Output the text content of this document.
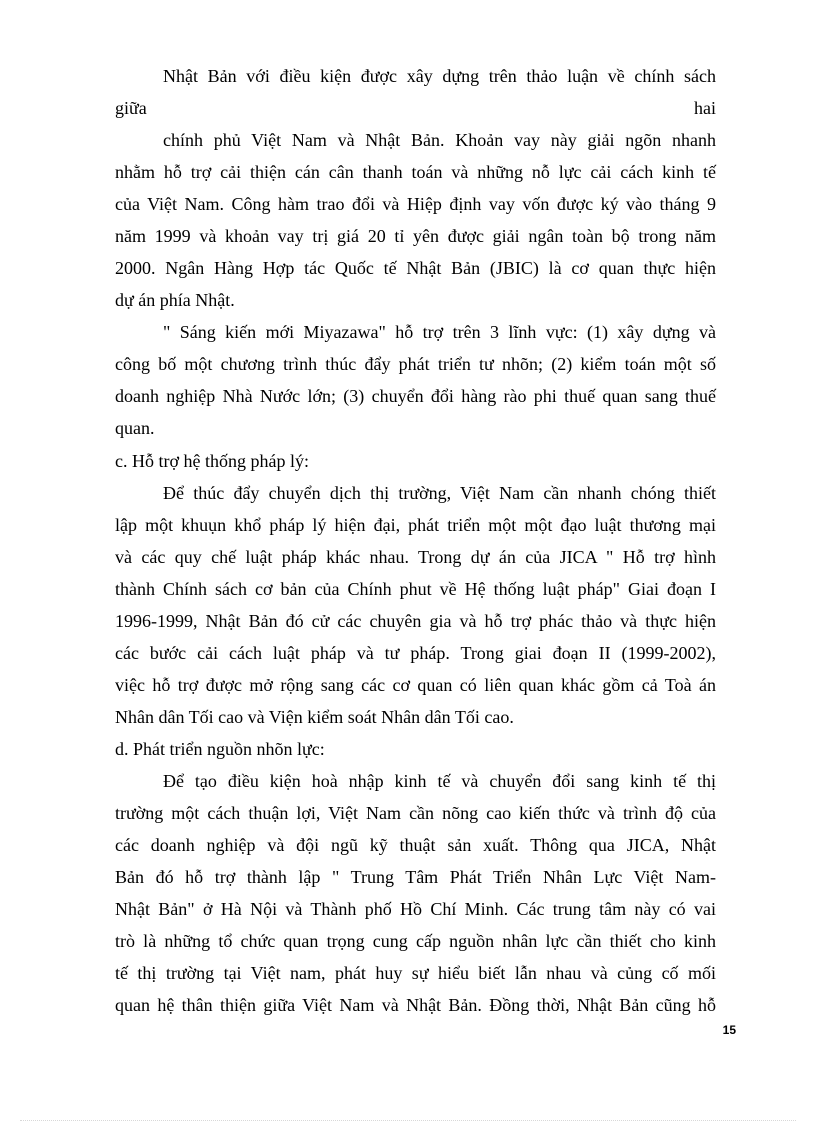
Nhật Bản với điều kiện được xây dựng trên thảo luận về chính sách
giữa	hai
chính phủ Việt Nam và Nhật Bản. Khoản vay này giải ngõn nhanh
nhằm hỗ trợ cải thiện cán cân thanh toán và những nỗ lực cải cách kinh tế
của Việt Nam. Công hàm trao đổi và Hiệp định vay vốn được ký vào tháng 9
năm 1999 và khoản vay trị giá 20 tỉ yên được giải ngân toàn bộ trong năm
2000. Ngân Hàng Hợp tác Quốc tế Nhật Bản (JBIC) là cơ quan thực hiện
dự án phía Nhật.
" Sáng kiến mới Miyazawa" hỗ trợ trên 3 lĩnh vực: (1) xây dựng và
công bố một chương trình thúc đẩy phát triển tư nhõn; (2) kiểm toán một số
doanh nghiệp Nhà Nước lớn; (3) chuyển đổi hàng rào phi thuế quan sang thuế
quan.
c. Hỗ trợ hệ thống pháp lý:
Để thúc đẩy chuyển dịch thị trường, Việt Nam cần nhanh chóng thiết
lập một khuụn khổ pháp lý hiện đại, phát triển một một đạo luật thương mại
và các quy chế luật pháp khác nhau. Trong dự án của JICA " Hỗ trợ hình
thành Chính sách cơ bản của Chính phut về Hệ thống luật pháp" Giai đoạn I
1996-1999, Nhật Bản đó cử các chuyên gia và hỗ trợ phác thảo và thực hiện
các bước cải cách luật pháp và tư pháp. Trong giai đoạn II (1999-2002),
việc hỗ trợ được mở rộng sang các cơ quan có liên quan khác gồm cả Toà án
Nhân dân Tối cao và Viện kiểm soát Nhân dân Tối cao.
d. Phát triển nguồn nhõn lực:
Để tạo điều kiện hoà nhập kinh tế và chuyển đổi sang kinh tế thị
trường một cách thuận lợi, Việt Nam cần nõng cao kiến thức và trình độ của
các doanh nghiệp và đội ngũ kỹ thuật sản xuất. Thông qua JICA, Nhật
Bản đó hỗ trợ thành lập " Trung Tâm Phát Triển Nhân Lực Việt Nam-
Nhật Bản" ở Hà Nội và Thành phố Hồ Chí Minh. Các trung tâm này có vai
trò là những tổ chức quan trọng cung cấp nguồn nhân lực cần thiết cho kinh
tế thị trường tại Việt nam, phát huy sự hiểu biết lẫn nhau và củng cố mối
quan hệ thân thiện giữa Việt Nam và Nhật Bản. Đồng thời, Nhật Bản cũng hỗ
15
